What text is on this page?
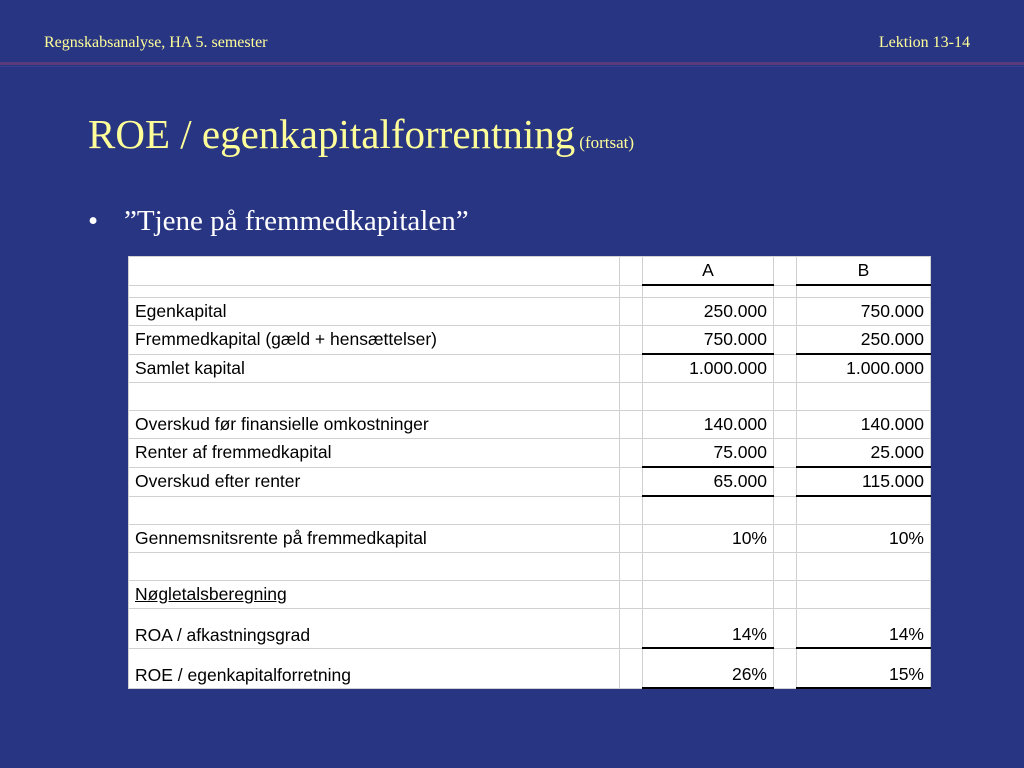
Regnskabsanalyse, HA 5. semester	Lektion 13-14
ROE / egenkapitalforrentning (fortsat)
• ”Tjene på fremmedkapitalen”
		A		B

Egenkapital		250.000		750.000
Fremmedkapital (gæld + hensættelser)		750.000		250.000
Samlet kapital		1.000.000		1.000.000

Overskud før finansielle omkostninger		140.000		140.000
Renter af fremmedkapital		75.000		25.000
Overskud efter renter		65.000		115.000

Gennemsnitsrente på fremmedkapital		10%		10%

Nøgletalsberegning				
ROA / afkastningsgrad		14%		14%
ROE / egenkapitalforretning		26%		15%
